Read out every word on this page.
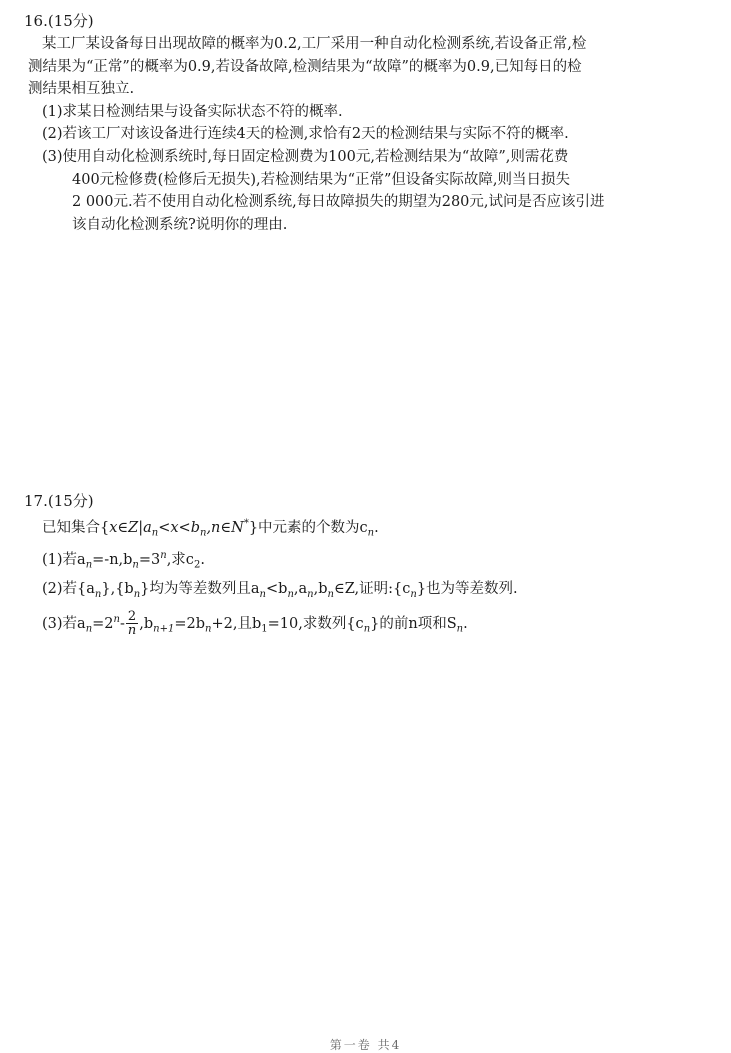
16.(15分)
某工厂某设备每日出现故障的概率为0.2,工厂采用一种自动化检测系统,若设备正常,检
测结果为“正常”的概率为0.9,若设备故障,检测结果为“故障”的概率为0.9,已知每日的检
测结果相互独立.
(1)求某日检测结果与设备实际状态不符的概率.
(2)若该工厂对该设备进行连续4天的检测,求恰有2天的检测结果与实际不符的概率.
(3)使用自动化检测系统时,每日固定检测费为100元,若检测结果为“故障”,则需花费
400元检修费(检修后无损失),若检测结果为“正常”但设备实际故障,则当日损失
2 000元.若不使用自动化检测系统,每日故障损失的期望为280元,试问是否应该引进
该自动化检测系统?说明你的理由.
17.(15分)
已知集合$\{x\in Z|a_n<x<b_n,n\in N^*\}$中元素的个数为$c_n$.
(1)若$a_n=-n,b_n=3^n$,求$c_2$.
(2)若$\{a_n\},\{b_n\}$均为等差数列且$a_n<b_n,a_n,b_n\in Z$,证明$:\{c_n\}$也为等差数列.
(3)若$a_n=2^n- \frac{2}{n} ,b_{n+1}=2b_n+2$,且$b_1=10$,求数列$\{c_n\}$的前n项和$S_n$.
第一卷 共4
